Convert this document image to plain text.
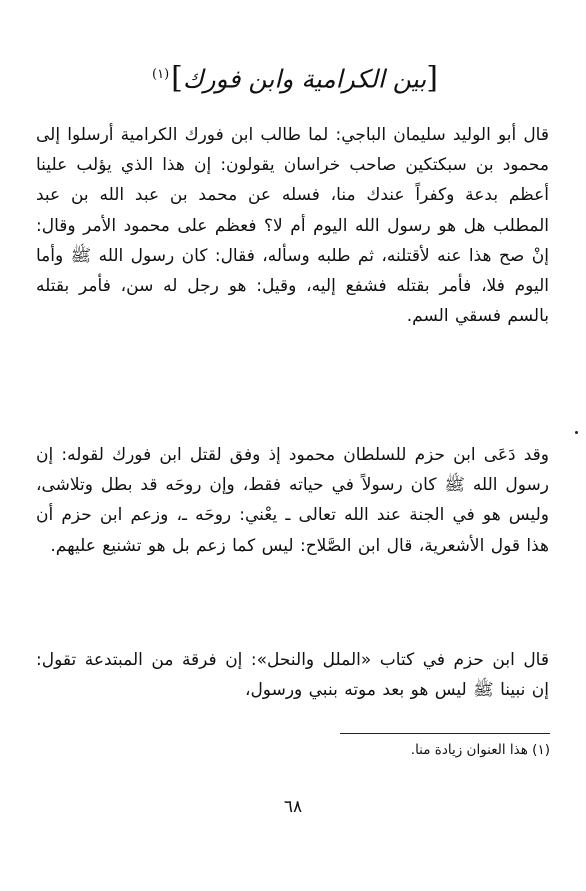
[بين الكرامية وابن فورك]$^{(١)}$

قال أبو الوليد سليمان الباجي: لما طالب ابن فورك الكرامية أرسلوا إلى محمود بن سبكتكين صاحب خراسان يقولون: إن هذا الذي يؤلب علينا أعظم بدعة وكفراً عندك منا، فسله عن محمد بن عبد الله بن عبد المطلب هل هو رسول الله اليوم أم لا؟ فعظم على محمود الأمر وقال: إنْ صح هذا عنه لأقتلنه، ثم طلبه وسأله، فقال: كان رسول الله ﷺ وأما اليوم فلا، فأمر بقتله فشفع إليه، وقيل: هو رجل له سن، فأمر بقتله بالسم فسقي السم.

وقد دَعَى ابن حزم للسلطان محمود إذ وفق لقتل ابن فورك لقوله: إن رسول الله ﷺ كان رسولاً في حياته فقط، وإن روحَه قد بطل وتلاشى، وليس هو في الجنة عند الله تعالى ـ يعْني: روحَه ـ، وزعم ابن حزم أن هذا قول الأشعرية، قال ابن الصَّلاح: ليس كما زعم بل هو تشنيع عليهم.

قال ابن حزم في كتاب «الملل والنحل»: إن فرقة من المبتدعة تقول: إن نبينا ﷺ ليس هو بعد موته بنبي ورسول،

(١) هذا العنوان زيادة منا.
٦٨
